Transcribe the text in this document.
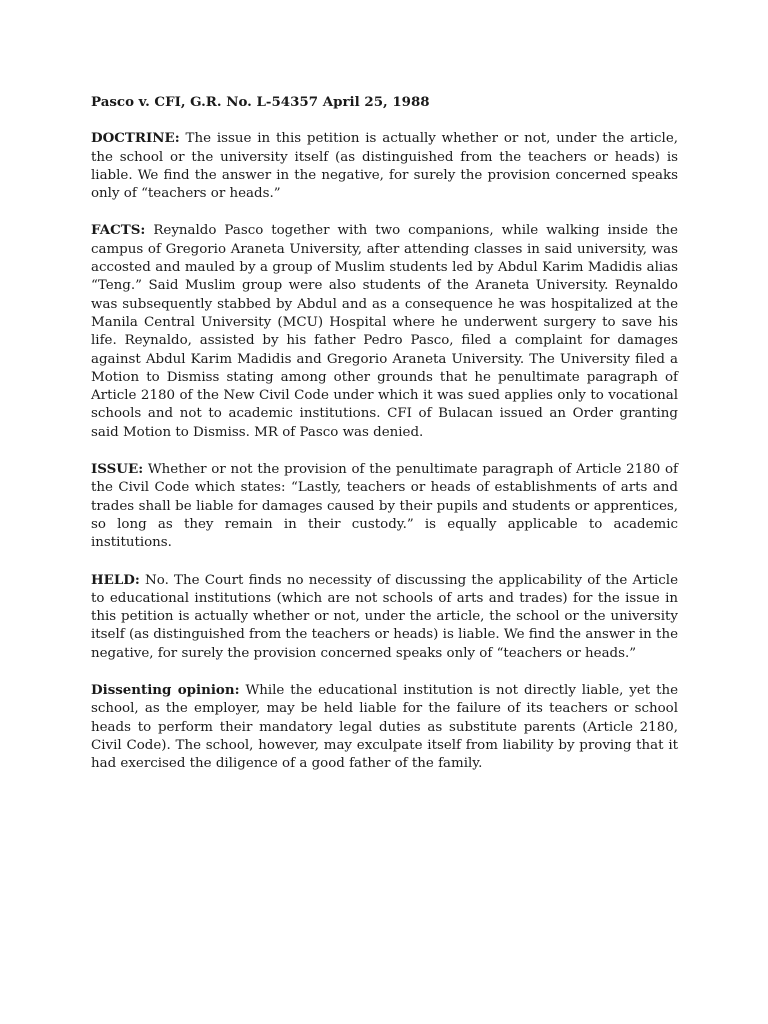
Pasco v. CFI, G.R. No. L-54357 April 25, 1988
DOCTRINE: The issue in this petition is actually whether or not, under the article, the school or the university itself (as distinguished from the teachers or heads) is liable. We find the answer in the negative, for surely the provision concerned speaks only of “teachers or heads.”
FACTS: Reynaldo Pasco together with two companions, while walking inside the campus of Gregorio Araneta University, after attending classes in said university, was accosted and mauled by a group of Muslim students led by Abdul Karim Madidis alias “Teng.” Said Muslim group were also students of the Araneta University. Reynaldo was subsequently stabbed by Abdul and as a consequence he was hospitalized at the Manila Central University (MCU) Hospital where he underwent surgery to save his life. Reynaldo, assisted by his father Pedro Pasco, filed a complaint for damages against Abdul Karim Madidis and Gregorio Araneta University. The University filed a Motion to Dismiss stating among other grounds that he penultimate paragraph of Article 2180 of the New Civil Code under which it was sued applies only to vocational schools and not to academic institutions. CFI of Bulacan issued an Order granting said Motion to Dismiss. MR of Pasco was denied.
ISSUE: Whether or not the provision of the penultimate paragraph of Article 2180 of the Civil Code which states: “Lastly, teachers or heads of establishments of arts and trades shall be liable for damages caused by their pupils and students or apprentices, so long as they remain in their custody.” is equally applicable to academic institutions.
HELD: No. The Court finds no necessity of discussing the applicability of the Article to educational institutions (which are not schools of arts and trades) for the issue in this petition is actually whether or not, under the article, the school or the university itself (as distinguished from the teachers or heads) is liable. We find the answer in the negative, for surely the provision concerned speaks only of “teachers or heads.”
Dissenting opinion: While the educational institution is not directly liable, yet the school, as the employer, may be held liable for the failure of its teachers or school heads to perform their mandatory legal duties as substitute parents (Article 2180, Civil Code). The school, however, may exculpate itself from liability by proving that it had exercised the diligence of a good father of the family.
